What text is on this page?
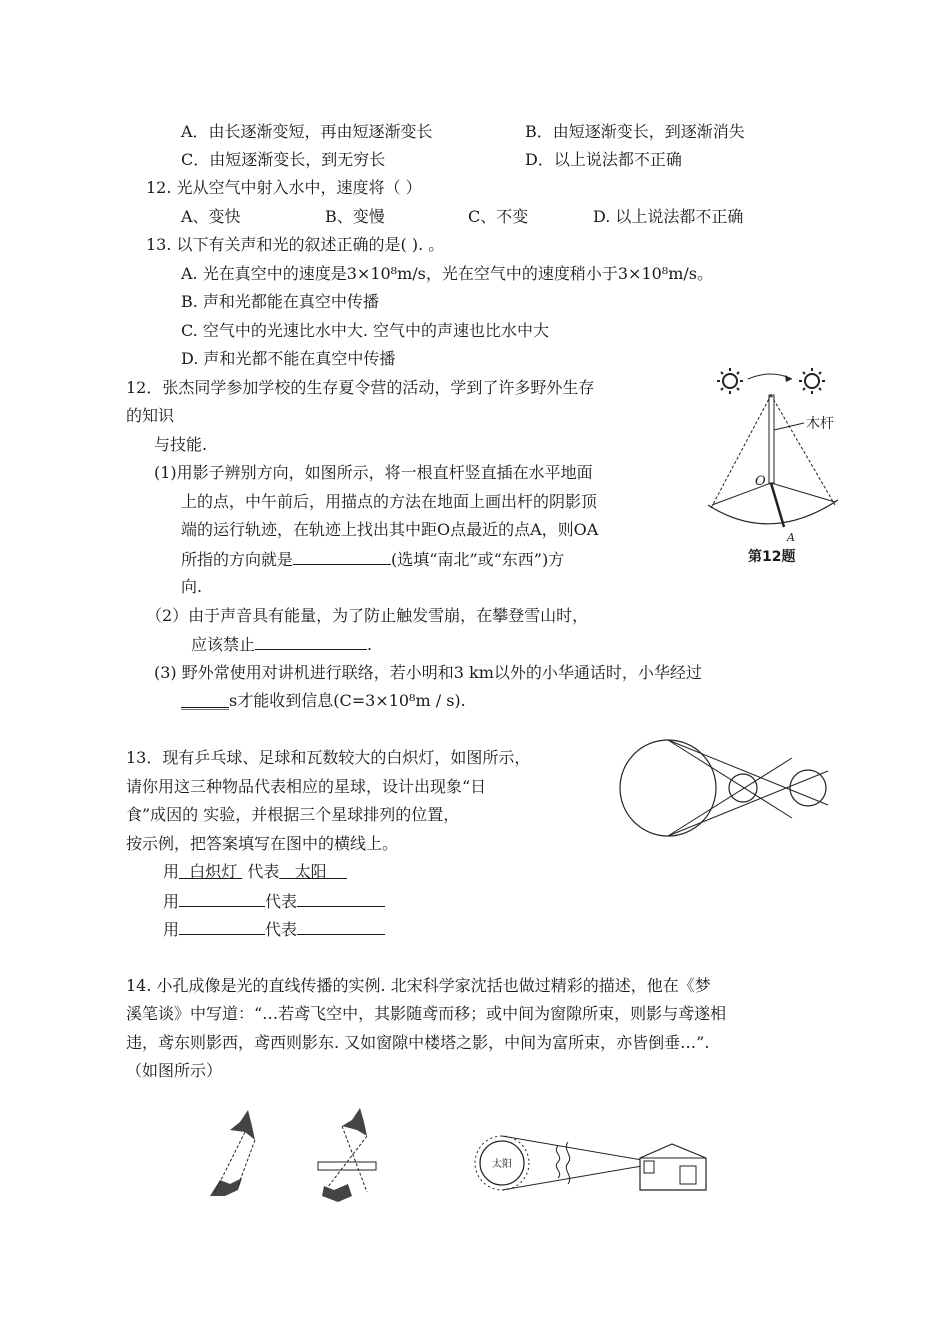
A．由长逐渐变短，再由短逐渐变长	B．由短逐渐变长，到逐渐消失
C．由短逐渐变长，到无穷长	D．以上说法都不正确
12. 光从空气中射入水中，速度将（ ）
A、变快	B、变慢	C、不变	D. 以上说法都不正确
13. 以下有关声和光的叙述正确的是( ). 。
A. 光在真空中的速度是3×10⁸m/s，光在空气中的速度稍小于3×10⁸m/s。
B. 声和光都能在真空中传播
C. 空气中的光速比水中大. 空气中的声速也比水中大
D. 声和光都不能在真空中传播
12．张杰同学参加学校的生存夏令营的活动，学到了许多野外生存
的知识
与技能.
(1)用影子辨别方向，如图所示，将一根直杆竖直插在水平地面
上的点，中午前后，用描点的方法在地面上画出杆的阴影顶
端的运行轨迹，在轨迹上找出其中距O点最近的点A，则OA
所指的方向就是	(选填“南北”或“东西”)方
向.
（2）由于声音具有能量，为了防止触发雪崩，在攀登雪山时，
应该禁止	.
(3) 野外常使用对讲机进行联络，若小明和3 km以外的小华通话时，小华经过
______s才能收到信息(C=3×10⁸m / s).
木杆
O
A
第12题
13．现有乒乓球、足球和瓦数较大的白炽灯，如图所示，
请你用这三种物品代表相应的星球，设计出现象“日
食”成因的 实验，并根据三个星球排列的位置，
按示例，把答案填写在图中的横线上。
用  白炽灯  代表   太阳
用	代表
用	代表
14. 小孔成像是光的直线传播的实例. 北宋科学家沈括也做过精彩的描述，他在《梦
溪笔谈》中写道：“…若鸢飞空中，其影随鸢而移；或中间为窗隙所束，则影与鸢遂相
违，鸢东则影西，鸢西则影东. 又如窗隙中楼塔之影，中间为富所束，亦皆倒垂…”.
（如图所示）
太阳
